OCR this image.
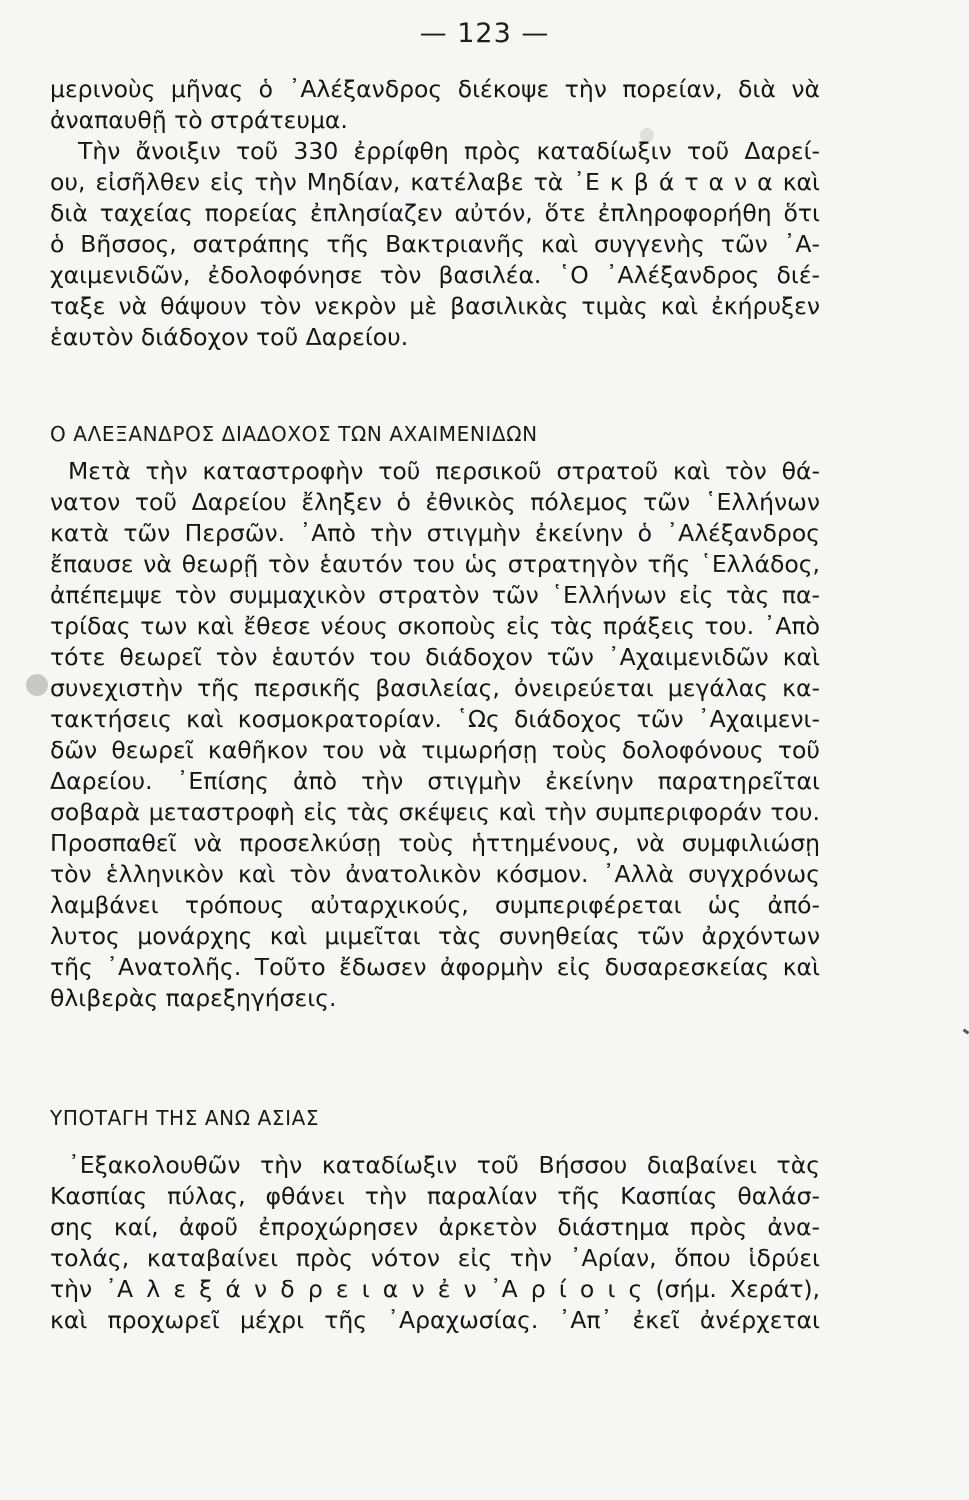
— 123 —
μερινοὺς μῆνας ὁ ᾿Αλέξανδρος διέκοψε τὴν πορείαν, διὰ νὰ
ἀναπαυθῇ τὸ στράτευμα.
Τὴν ἄνοιξιν τοῦ 330 ἐρρίφθη πρὸς καταδίωξιν τοῦ Δαρεί-
ου, εἰσῆλθεν εἰς τὴν Μηδίαν, κατέλαβε τὰ ᾿Ε κ β ά τ α ν α καὶ
διὰ ταχείας πορείας ἐπλησίαζεν αὐτόν, ὅτε ἐπληροφορήθη ὅτι
ὁ Βῆσσος, σατράπης τῆς Βακτριανῆς καὶ συγγενὴς τῶν ᾿Α-
χαιμενιδῶν, ἐδολοφόνησε τὸν βασιλέα. ῾Ο ᾿Αλέξανδρος διέ-
ταξε νὰ θάψουν τὸν νεκρὸν μὲ βασιλικὰς τιμὰς καὶ ἐκήρυξεν
ἑαυτὸν διάδοχον τοῦ Δαρείου.
Ο ΑΛΕΞΑΝΔΡΟΣ ΔΙΑΔΟΧΟΣ ΤΩΝ ΑΧΑΙΜΕΝΙΔΩΝ
Μετὰ τὴν καταστροφὴν τοῦ περσικοῦ στρατοῦ καὶ τὸν θά-
νατον τοῦ Δαρείου ἔληξεν ὁ ἐθνικὸς πόλεμος τῶν ῾Ελλήνων
κατὰ τῶν Περσῶν. ᾿Απὸ τὴν στιγμὴν ἐκείνην ὁ ᾿Αλέξανδρος
ἔπαυσε νὰ θεωρῇ τὸν ἑαυτόν του ὡς στρατηγὸν τῆς ῾Ελλάδος,
ἀπέπεμψε τὸν συμμαχικὸν στρατὸν τῶν ῾Ελλήνων εἰς τὰς πα-
τρίδας των καὶ ἔθεσε νέους σκοποὺς εἰς τὰς πράξεις του. ᾿Απὸ
τότε θεωρεῖ τὸν ἑαυτόν του διάδοχον τῶν ᾿Αχαιμενιδῶν καὶ
συνεχιστὴν τῆς περσικῆς βασιλείας, ὀνειρεύεται μεγάλας κα-
τακτήσεις καὶ κοσμοκρατορίαν. ῾Ως διάδοχος τῶν ᾿Αχαιμενι-
δῶν θεωρεῖ καθῆκον του νὰ τιμωρήσῃ τοὺς δολοφόνους τοῦ
Δαρείου. ᾿Επίσης ἀπὸ τὴν στιγμὴν ἐκείνην παρατηρεῖται
σοβαρὰ μεταστροφὴ εἰς τὰς σκέψεις καὶ τὴν συμπεριφοράν του.
Προσπαθεῖ νὰ προσελκύσῃ τοὺς ἡττημένους, νὰ συμφιλιώσῃ
τὸν ἑλληνικὸν καὶ τὸν ἀνατολικὸν κόσμον. ᾿Αλλὰ συγχρόνως
λαμβάνει τρόπους αὐταρχικούς, συμπεριφέρεται ὡς ἀπό-
λυτος μονάρχης καὶ μιμεῖται τὰς συνηθείας τῶν ἀρχόντων
τῆς ᾿Ανατολῆς. Τοῦτο ἔδωσεν ἀφορμὴν εἰς δυσαρεσκείας καὶ
θλιβερὰς παρεξηγήσεις.
ΥΠΟΤΑΓΗ ΤΗΣ ΑΝΩ ΑΣΙΑΣ
᾿Εξακολουθῶν τὴν καταδίωξιν τοῦ Βήσσου διαβαίνει τὰς
Κασπίας πύλας, φθάνει τὴν παραλίαν τῆς Κασπίας θαλάσ-
σης καί, ἀφοῦ ἐπροχώρησεν ἀρκετὸν διάστημα πρὸς ἀνα-
τολάς, καταβαίνει πρὸς νότον εἰς τὴν ᾿Αρίαν, ὅπου ἱδρύει
τὴν ᾿Α λ ε ξ ά ν δ ρ ε ι α ν ἐ ν ᾿Α ρ ί ο ι ς (σήμ. Χεράτ),
καὶ προχωρεῖ μέχρι τῆς ᾿Αραχωσίας. ᾿Απ᾿ ἐκεῖ ἀνέρχεται
